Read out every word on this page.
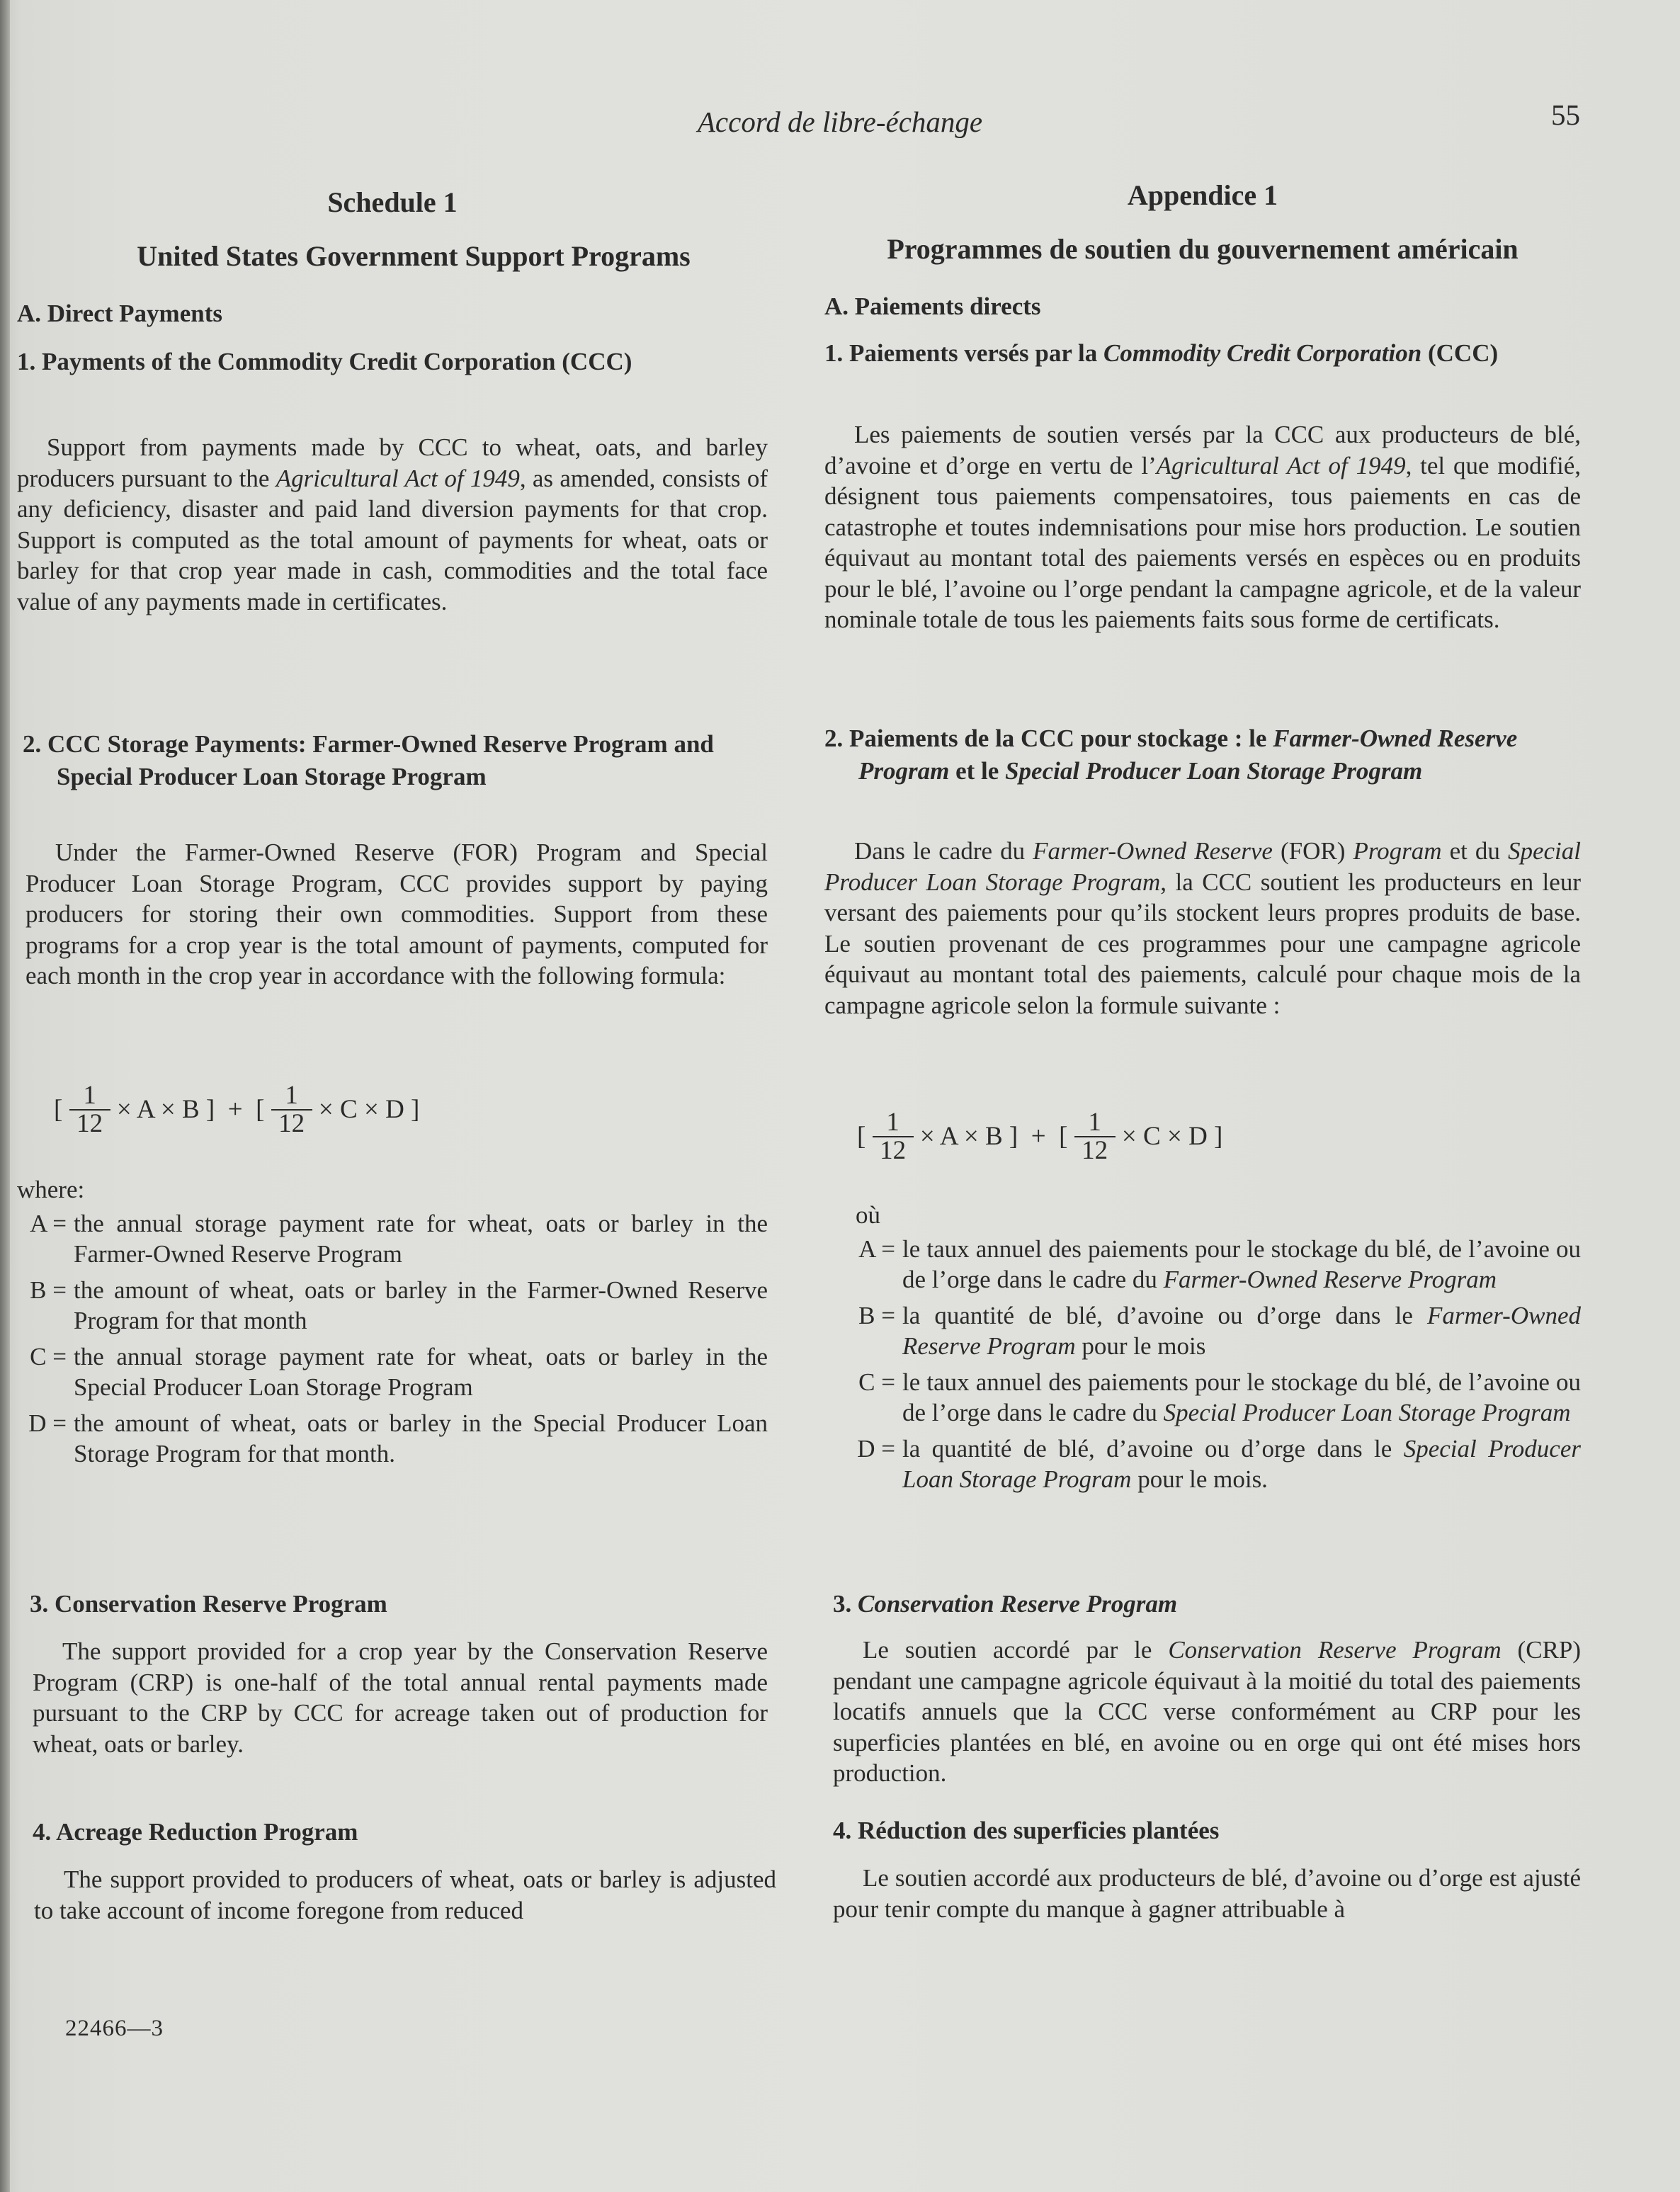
Accord de libre-échange	55
Schedule 1
United States Government Support Programs
A. Direct Payments
1. Payments of the Commodity Credit Corporation (CCC)

Support from payments made by CCC to wheat, oats, and barley producers pursuant to the Agricultural Act of 1949, as amended, consists of any deficiency, disaster and paid land diversion payments for that crop. Support is computed as the total amount of payments for wheat, oats or barley for that crop year made in cash, commodities and the total face value of any payments made in certificates.

2. CCC Storage Payments: Farmer-Owned Reserve Program and Special Producer Loan Storage Program

Under the Farmer-Owned Reserve (FOR) Program and Special Producer Loan Storage Program, CCC provides support by paying producers for storing their own commodities. Support from these programs for a crop year is the total amount of payments, computed for each month in the crop year in accordance with the following formula:

[ $\frac{1}{12} \times A \times B$ ] + [ $\frac{1}{12} \times C \times D$ ]
where:
A = the annual storage payment rate for wheat, oats or barley in the Farmer-Owned Reserve Program
B = the amount of wheat, oats or barley in the Farmer-Owned Reserve Program for that month
C = the annual storage payment rate for wheat, oats or barley in the Special Producer Loan Storage Program
D = the amount of wheat, oats or barley in the Special Producer Loan Storage Program for that month.
3. Conservation Reserve Program

The support provided for a crop year by the Conservation Reserve Program (CRP) is one-half of the total annual rental payments made pursuant to the CRP by CCC for acreage taken out of production for wheat, oats or barley.

4. Acreage Reduction Program

The support provided to producers of wheat, oats or barley is adjusted to take account of income foregone from reduced

Appendice 1
Programmes de soutien du gouvernement américain
A. Paiements directs
1. Paiements versés par la Commodity Credit Corporation (CCC)

Les paiements de soutien versés par la CCC aux producteurs de blé, d’avoine et d’orge en vertu de l’Agricultural Act of 1949, tel que modifié, désignent tous paiements compensatoires, tous paiements en cas de catastrophe et toutes indemnisations pour mise hors production. Le soutien équivaut au montant total des paiements versés en espèces ou en produits pour le blé, l’avoine ou l’orge pendant la campagne agricole, et de la valeur nominale totale de tous les paiements faits sous forme de certificats.

2. Paiements de la CCC pour stockage : le Farmer-Owned Reserve Program et le Special Producer Loan Storage Program

Dans le cadre du Farmer-Owned Reserve (FOR) Program et du Special Producer Loan Storage Program, la CCC soutient les producteurs en leur versant des paiements pour qu’ils stockent leurs propres produits de base. Le soutien provenant de ces programmes pour une campagne agricole équivaut au montant total des paiements, calculé pour chaque mois de la campagne agricole selon la formule suivante :

[ $\frac{1}{12} \times A \times B$ ] + [ $\frac{1}{12} \times C \times D$ ]
où
A = le taux annuel des paiements pour le stockage du blé, de l’avoine ou de l’orge dans le cadre du Farmer-Owned Reserve Program
B = la quantité de blé, d’avoine ou d’orge dans le Farmer-Owned Reserve Program pour le mois
C = le taux annuel des paiements pour le stockage du blé, de l’avoine ou de l’orge dans le cadre du Special Producer Loan Storage Program
D = la quantité de blé, d’avoine ou d’orge dans le Special Producer Loan Storage Program pour le mois.
3. Conservation Reserve Program

Le soutien accordé par le Conservation Reserve Program (CRP) pendant une campagne agricole équivaut à la moitié du total des paiements locatifs annuels que la CCC verse conformément au CRP pour les superficies plantées en blé, en avoine ou en orge qui ont été mises hors production.

4. Réduction des superficies plantées

Le soutien accordé aux producteurs de blé, d’avoine ou d’orge est ajusté pour tenir compte du manque à gagner attribuable à

22466—3
